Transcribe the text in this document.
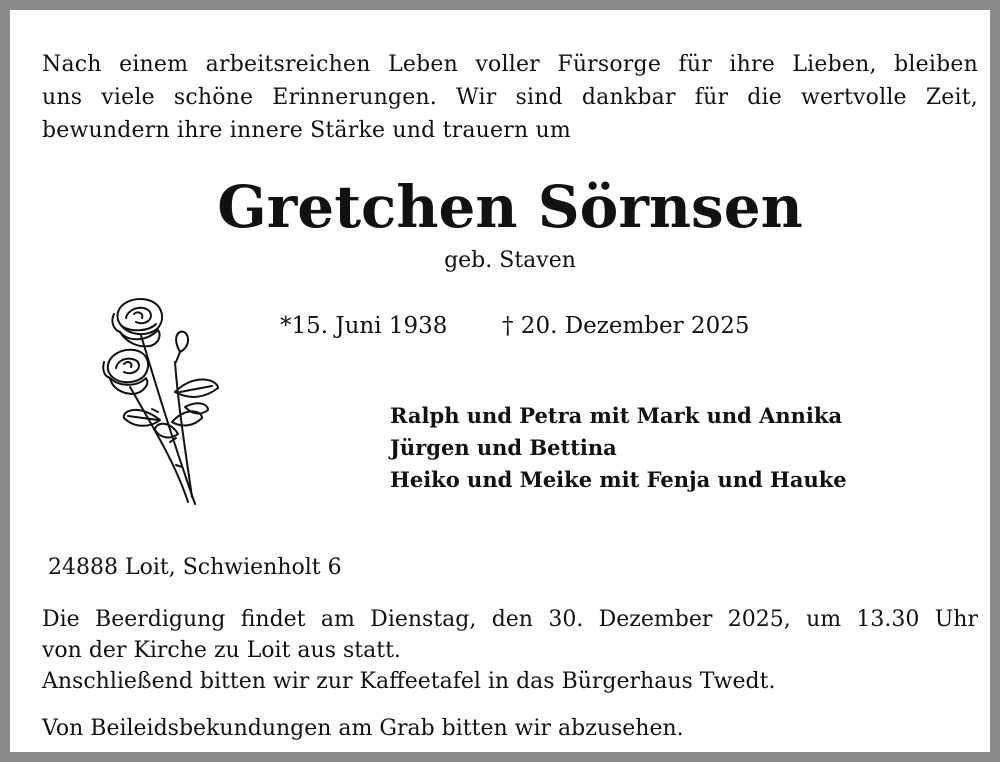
Nach einem arbeitsreichen Leben voller Fürsorge für ihre Lieben, bleiben
uns viele schöne Erinnerungen. Wir sind dankbar für die wertvolle Zeit,
bewundern ihre innere Stärke und trauern um
Gretchen Sörnsen
geb. Staven
*15. Juni 1938 † 20. Dezember 2025
Ralph und Petra mit Mark und Annika
Jürgen und Bettina
Heiko und Meike mit Fenja und Hauke
24888 Loit, Schwienholt 6
Die Beerdigung findet am Dienstag, den 30. Dezember 2025, um 13.30 Uhr
von der Kirche zu Loit aus statt.
Anschließend bitten wir zur Kaffeetafel in das Bürgerhaus Twedt.
Von Beileidsbekundungen am Grab bitten wir abzusehen.
